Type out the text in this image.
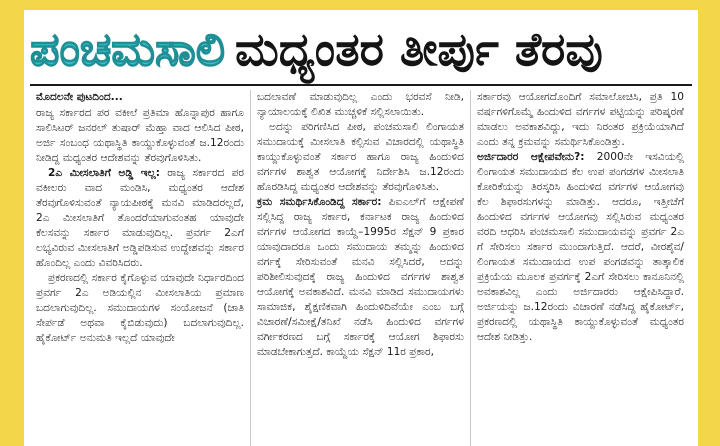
ಪಂಚಮಸಾಲಿ ಮಧ್ಯಂತರ ತೀರ್ಪು ತೆರವು
ಮೊದಲನೇ ಪುಟದಿಂದ...

ರಾಜ್ಯ ಸರ್ಕಾರದ ಪರ ವಕೀಲೆ ಪ್ರತಿಮಾ ಹೊನ್ನಾಪುರ ಹಾಗೂ ಸಾಲಿಸಿಟರ್ ಜನರಲ್ ತುಷಾರ್ ಮೆಹ್ತಾ ವಾದ ಆಲಿಸಿದ ಪೀಠ, ಅರ್ಜಿ ಸಂಬಂಧ ಯಥಾಸ್ಥಿತಿ ಕಾಯ್ದುಕೊಳ್ಳುವಂತೆ ಜ.12ರಂದು ನೀಡಿದ್ದ ಮಧ್ಯಂತರ ಆದೇಶವನ್ನು ತೆರವುಗೊಳಿಸಿತು.

2ಎ ಮೀಸಲಾತಿಗೆ ಅಡ್ಡಿ ಇಲ್ಲ: ರಾಜ್ಯ ಸರ್ಕಾರದ ಪರ ವಕೀಲರು ವಾದ ಮಂಡಿಸಿ, ಮಧ್ಯಂತರ ಆದೇಶ ತೆರವುಗೊಳಿಸುವಂತೆ ನ್ಯಾಯಪೀಠಕ್ಕೆ ಮನವಿ ಮಾಡಿದರಲ್ಲದೆ, 2ಎ ಮೀಸಲಾತಿಗೆ ತೊಂದರೆಯಾಗುವಂತಹ ಯಾವುದೇ ಕೆಲಸವನ್ನು ಸರ್ಕಾರ ಮಾಡುವುದಿಲ್ಲ. ಪ್ರವರ್ಗ 2ಎಗೆ ಲಭ್ಯವಿರುವ ಮೀಸಲಾತಿಗೆ ಅಡ್ಡಿಪಡಿಸುವ ಉದ್ದೇಶವನ್ನು ಸರ್ಕಾರ ಹೊಂದಿಲ್ಲ ಎಂದು ವಿವರಿಸಿದರು.

ಪ್ರಕರಣದಲ್ಲಿ ಸರ್ಕಾರ ಕೈಗೊಳ್ಳುವ ಯಾವುದೇ ನಿರ್ಧಾರದಿಂದ ಪ್ರವರ್ಗ 2ಎ ಅಡಿಯಲ್ಲಿನ ಮೀಸಲಾತಿಯ ಪ್ರಮಾಣ ಬದಲಾಗುವುದಿಲ್ಲ. ಸಮುದಾಯಗಳ ಸಂಯೋಜನೆ (ಜಾತಿ ಸೇರ್ಪಡೆ ಅಥವಾ ಕೈಬಿಡುವುದು) ಬದಲಾಗುವುದಿಲ್ಲ. ಹೈಕೋರ್ಟ್ ಅನುಮತಿ ಇಲ್ಲದೆ ಯಾವುದೇ

ಬದಲಾವಣೆ ಮಾಡುವುದಿಲ್ಲ ಎಂದು ಭರವಸೆ ನೀಡಿ, ನ್ಯಾಯಾಲಯಕ್ಕೆ ಲಿಖಿತ ಮುಚ್ಚಳಿಕೆ ಸಲ್ಲಿಸಲಾಯಿತು.

ಅದನ್ನು ಪರಿಗಣಿಸಿದ ಪೀಠ, ಪಂಚಮಸಾಲಿ ಲಿಂಗಾಯತ ಸಮುದಾಯಕ್ಕೆ ಮೀಸಲಾತಿ ಕಲ್ಪಿಸುವ ವಿಚಾರದಲ್ಲಿ ಯಥಾಸ್ಥಿತಿ ಕಾಯ್ದುಕೊಳ್ಳುವಂತೆ ಸರ್ಕಾರ ಹಾಗೂ ರಾಜ್ಯ ಹಿಂದುಳಿದ ವರ್ಗಗಳ ಶಾಶ್ವತ ಆಯೋಗಕ್ಕೆ ನಿರ್ದೇಶಿಸಿ ಜ.12ರಂದು ಹೊರಡಿಸಿದ್ದ ಮಧ್ಯಂತರ ಆದೇಶವನ್ನು ತೆರವುಗೊಳಿಸಿತು.

ಕ್ರಮ ಸಮರ್ಥಿಸಿಕೊಂಡಿದ್ದ ಸರ್ಕಾರ: ಪಿಐಎಲ್‌ಗೆ ಆಕ್ಷೇಪಣೆ ಸಲ್ಲಿಸಿದ್ದ ರಾಜ್ಯ ಸರ್ಕಾರ, ಕರ್ನಾಟಕ ರಾಜ್ಯ ಹಿಂದುಳಿದ ವರ್ಗಗಳ ಆಯೋಗದ ಕಾಯ್ದೆ–1995ರ ಸೆಕ್ಷನ್ 9 ಪ್ರಕಾರ ಯಾವುದಾದರೂ ಒಂದು ಸಮುದಾಯ ತಮ್ಮನ್ನು ಹಿಂದುಳಿದ ವರ್ಗಕ್ಕೆ ಸೇರಿಸುವಂತೆ ಮನವಿ ಸಲ್ಲಿಸಿದರೆ, ಅದನ್ನು ಪರಿಶೀಲಿಸುವುದಕ್ಕೆ ರಾಜ್ಯ ಹಿಂದುಳಿದ ವರ್ಗಗಳ ಶಾಶ್ವತ ಆಯೋಗಕ್ಕೆ ಅವಕಾಶವಿದೆ. ಮನವಿ ಮಾಡಿದ ಸಮುದಾಯಗಳು ಸಾಮಾಜಿಕ, ಶೈಕ್ಷಣಿಕವಾಗಿ ಹಿಂದುಳಿದಿವೆಯೇ ಎಂಬ ಬಗ್ಗೆ ವಿಚಾರಣೆ/ಸಮೀಕ್ಷೆ/ತನಿಖೆ ನಡೆಸಿ ಹಿಂದುಳಿದ ವರ್ಗಗಳ ವರ್ಗೀಕರಣದ ಬಗ್ಗೆ ಸರ್ಕಾರಕ್ಕೆ ಆಯೋಗ ಶಿಫಾರಸು ಮಾಡಬೇಕಾಗುತ್ತದೆ. ಕಾಯ್ದೆಯ ಸೆಕ್ಷನ್ 11ರ ಪ್ರಕಾರ,

ಸರ್ಕಾರವು ಆಯೋಗದೊಂದಿಗೆ ಸಮಾಲೋಚಿಸಿ, ಪ್ರತಿ 10 ವರ್ಷಗಳಿಗೊಮ್ಮೆ ಹಿಂದುಳಿದ ವರ್ಗಗಳ ಪಟ್ಟಿಯನ್ನು ಪರಿಷ್ಕರಣೆ ಮಾಡಲು ಅವಕಾಶವಿದ್ದು, ಇದು ನಿರಂತರ ಪ್ರಕ್ರಿಯೆಯಾಗಿದೆ ಎಂದು ತನ್ನ ಕ್ರಮವನ್ನು ಸಮರ್ಥಿಸಿಕೊಂಡಿತ್ತು.

ಅರ್ಜಿದಾರರ ಆಕ್ಷೇಪವೇನು?: 2000ನೇ ಇಸವಿಯಲ್ಲಿ ಲಿಂಗಾಯತ ಸಮುದಾಯದ ಕೆಲ ಉಪ ಪಂಗಡಗಳ ಮೀಸಲಾತಿ ಕೋರಿಕೆಯನ್ನು ತಿರಸ್ಕರಿಸಿ ಹಿಂದುಳಿದ ವರ್ಗಗಳ ಆಯೋಗವು ಕೆಲ ಶಿಫಾರಸುಗಳನ್ನು ಮಾಡಿತ್ತು. ಆದರೂ, ಇತ್ತೀಚೆಗೆ ಹಿಂದುಳಿದ ವರ್ಗಗಳ ಆಯೋಗವು ಸಲ್ಲಿಸಿರುವ ಮಧ್ಯಂತರ ವರದಿ ಆಧರಿಸಿ ಪಂಚಮಸಾಲಿ ಸಮುದಾಯವನ್ನು ಪ್ರವರ್ಗ 2ಎ ಗೆ ಸೇರಿಸಲು ಸರ್ಕಾರ ಮುಂದಾಗುತ್ತಿದೆ. ಆದರೆ, ವೀರಶೈವ/ಲಿಂಗಾಯತ ಸಮುದಾಯದ ಉಪ ಪಂಗಡವನ್ನು ತಾತ್ಕಾಲಿಕ ಪ್ರಕ್ರಿಯೆಯ ಮೂಲಕ ಪ್ರವರ್ಗಕ್ಕೆ 2ಎಗೆ ಸೇರಿಸಲು ಕಾನೂನಿನಲ್ಲಿ ಅವಕಾಶವಿಲ್ಲ ಎಂದು ಅರ್ಜಿದಾರರು ಆಕ್ಷೇಪಿಸಿದ್ದಾರೆ. ಅರ್ಜಿಯನ್ನು ಜ.12ರಂದು ವಿಚಾರಣೆ ನಡೆಸಿದ್ದ ಹೈಕೋರ್ಟ್, ಪ್ರಕರಣದಲ್ಲಿ ಯಥಾಸ್ಥಿತಿ ಕಾಯ್ದುಕೊಳ್ಳುವಂತೆ ಮಧ್ಯಂತರ ಆದೇಶ ನೀಡಿತ್ತು.
